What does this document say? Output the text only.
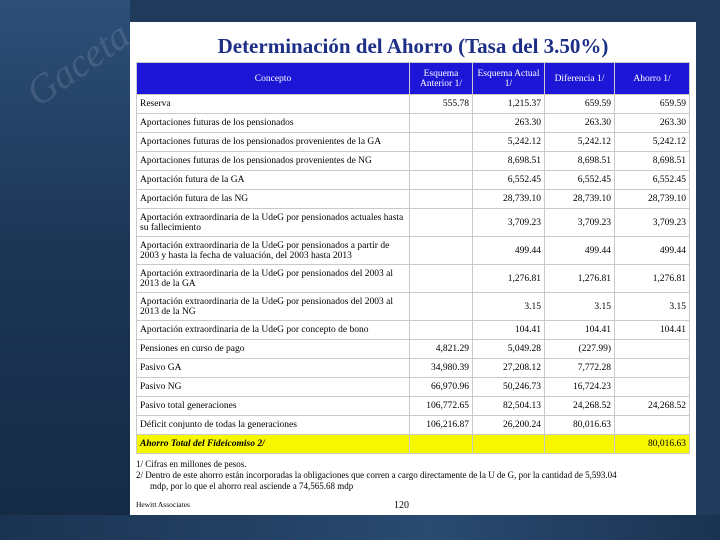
Determinación del Ahorro (Tasa del 3.50%)
Concepto	Esquema Anterior 1/	Esquema Actual 1/	Diferencia 1/	Ahorro 1/
Reserva	555.78	1,215.37	659.59	659.59
Aportaciones futuras de los pensionados		263.30	263.30	263.30
Aportaciones futuras de los pensionados provenientes de la GA		5,242.12	5,242.12	5,242.12
Aportaciones futuras de los pensionados provenientes de NG		8,698.51	8,698.51	8,698.51
Aportación futura de la GA		6,552.45	6,552.45	6,552.45
Aportación futura de las NG		28,739.10	28,739.10	28,739.10
Aportación extraordinaria de la UdeG por pensionados actuales hasta su fallecimiento		3,709.23	3,709.23	3,709.23
Aportación extraordinaria de la UdeG por pensionados a partir de 2003 y hasta la fecha de valuación, del 2003 hasta 2013		499.44	499.44	499.44
Aportación extraordinaria de la UdeG por pensionados del 2003 al 2013 de la GA		1,276.81	1,276.81	1,276.81
Aportación extraordinaria de la UdeG por pensionados del 2003 al 2013 de la NG		3.15	3.15	3.15
Aportación extraordinaria de la UdeG por concepto de bono		104.41	104.41	104.41
Pensiones en curso de pago	4,821.29	5,049.28	(227.99)	
Pasivo GA	34,980.39	27,208.12	7,772.28	
Pasivo NG	66,970.96	50,246.73	16,724.23	
Pasivo total generaciones	106,772.65	82,504.13	24,268.52	24,268.52
Déficit conjunto de todas la generaciones	106,216.87	26,200.24	80,016.63	
Ahorro Total del Fideicomiso 2/				80,016.63
1/ Cifras en millones de pesos.
2/ Dentro de este ahorro están incorporadas la obligaciones que corren a cargo directamente de la U de G, por la cantidad de 5,593.04
mdp, por lo que el ahorro real asciende a 74,565.68 mdp
Hewitt Associates	120
